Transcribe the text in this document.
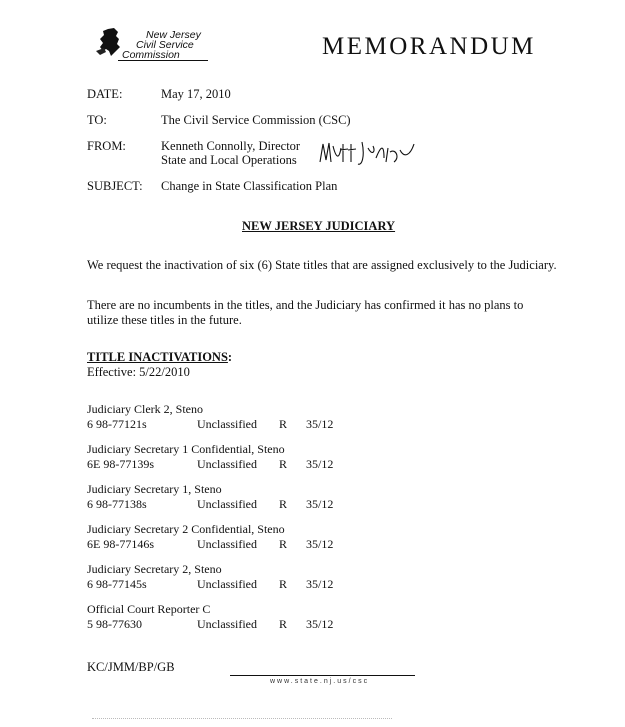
New Jersey
Civil Service
Commission	MEMORANDUM
DATE:	May 17, 2010
TO:	The Civil Service Commission (CSC)
FROM:	Kenneth Connolly, Director
State and Local Operations
SUBJECT: Change in State Classification Plan
NEW JERSEY JUDICIARY
We request the inactivation of six (6) State titles that are assigned exclusively to the Judiciary.
There are no incumbents in the titles, and the Judiciary has confirmed it has no plans to utilize these titles in the future.
TITLE INACTIVATIONS:
Effective: 5/22/2010
Judiciary Clerk 2, Steno
6 98-77121s	Unclassified	R	35/12
Judiciary Secretary 1 Confidential, Steno
6E 98-77139s	Unclassified	R	35/12
Judiciary Secretary 1, Steno
6 98-77138s	Unclassified	R	35/12
Judiciary Secretary 2 Confidential, Steno
6E 98-77146s	Unclassified	R	35/12
Judiciary Secretary 2, Steno
6 98-77145s	Unclassified	R	35/12
Official Court Reporter C
5 98-77630	Unclassified	R	35/12
KC/JMM/BP/GB
www.state.nj.us/csc
